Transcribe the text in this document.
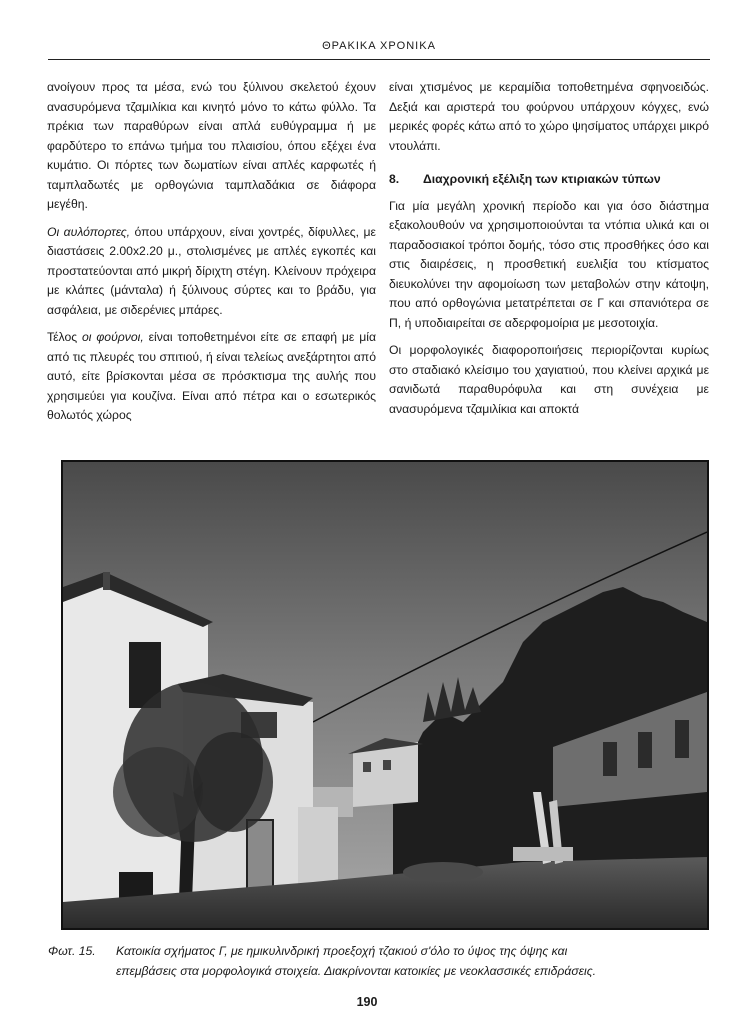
ΘΡΑΚΙΚΑ ΧΡΟΝΙΚΑ

ανοίγουν προς τα μέσα, ενώ του ξύλινου σκελετού έχουν ανασυρόμενα τζαμιλίκια και κινητό μόνο το κάτω φύλλο. Τα πρέκια των παραθύρων είναι απλά ευθύγραμμα ή με φαρδύτερο το επάνω τμήμα του πλαισίου, όπου εξέχει ένα κυμάτιο. Οι πόρτες των δωματίων είναι απλές καρφωτές ή ταμπλαδωτές με ορθογώνια ταμπλαδάκια σε διάφορα μεγέθη.

Οι αυλόπορτες, όπου υπάρχουν, είναι χοντρές, δίφυλλες, με διαστάσεις 2.00x2.20 μ., στολισμένες με απλές εγκοπές και προστατεύονται από μικρή δίριχτη στέγη. Κλείνουν πρόχειρα με κλάπες (μάνταλα) ή ξύλινους σύρτες και το βράδυ, για ασφάλεια, με σιδερένιες μπάρες.

Τέλος οι φούρνοι, είναι τοποθετημένοι είτε σε επαφή με μία από τις πλευρές του σπιτιού, ή είναι τελείως ανεξάρτητοι από αυτό, είτε βρίσκονται μέσα σε πρόσκτισμα της αυλής που χρησιμεύει για κουζίνα. Είναι από πέτρα και ο εσωτερικός θολωτός χώρος

είναι χτισμένος με κεραμίδια τοποθετημένα σφηνοειδώς. Δεξιά και αριστερά του φούρνου υπάρχουν κόγχες, ενώ μερικές φορές κάτω από το χώρο ψησίματος υπάρχει μικρό ντουλάπι.

8. Διαχρονική εξέλιξη των κτιριακών τύπων

Για μία μεγάλη χρονική περίοδο και για όσο διάστημα εξακολουθούν να χρησιμοποιούνται τα ντόπια υλικά και οι παραδοσιακοί τρόποι δομής, τόσο στις προσθήκες όσο και στις διαιρέσεις, η προσθετική ευελιξία του κτίσματος διευκολύνει την αφομοίωση των μεταβολών στην κάτοψη, που από ορθογώνια μετατρέπεται σε Γ και σπανιότερα σε Π, ή υποδιαιρείται σε αδερφομοίρια με μεσοτοιχία.

Οι μορφολογικές διαφοροποιήσεις περιορίζονται κυρίως στο σταδιακό κλείσιμο του χαγιατιού, που κλείνει αρχικά με σανιδωτά παραθυρόφυλα και στη συνέχεια με ανασυρόμενα τζαμιλίκια και αποκτά

Φωτ. 15. Κατοικία σχήματος Γ, με ημικυλινδρική προεξοχή τζακιού σ'όλο το ύψος της όψης και
επεμβάσεις στα μορφολογικά στοιχεία. Διακρίνονται κατοικίες με νεοκλασσικές επιδράσεις.
190
